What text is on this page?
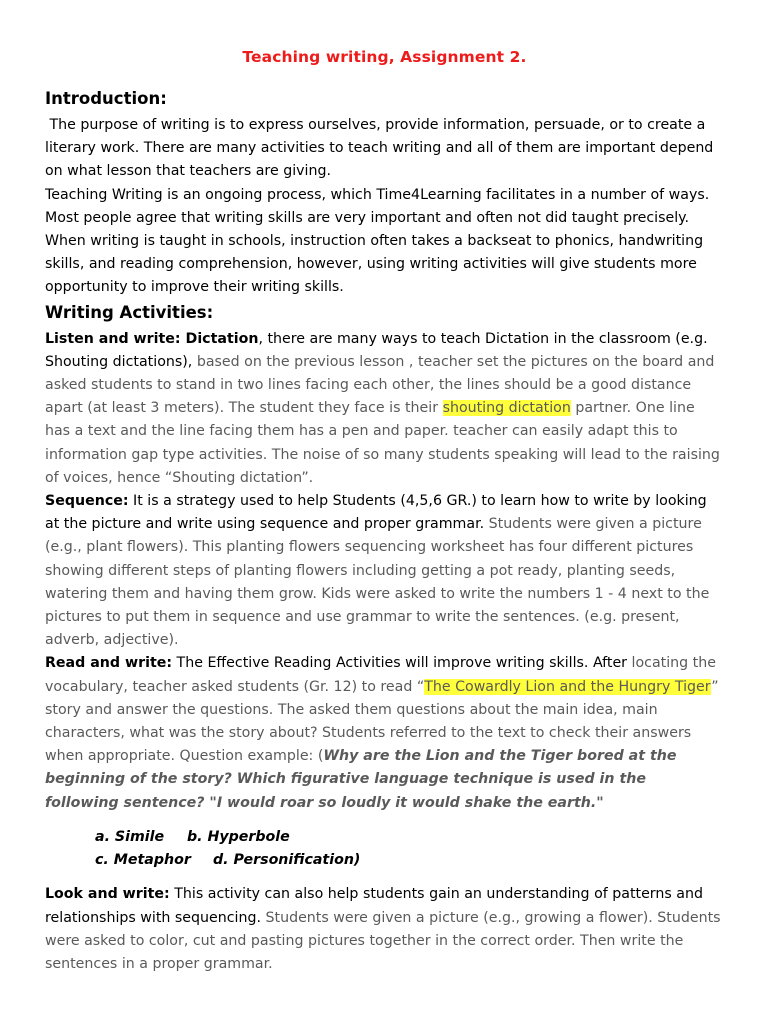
Teaching writing, Assignment 2.
Introduction:

The purpose of writing is to express ourselves, provide information, persuade, or to create a literary work. There are many activities to teach writing and all of them are important depend on what lesson that teachers are giving.

Teaching Writing is an ongoing process, which Time4Learning facilitates in a number of ways. Most people agree that writing skills are very important and often not did taught precisely. When writing is taught in schools, instruction often takes a backseat to phonics, handwriting skills, and reading comprehension, however, using writing activities will give students more opportunity to improve their writing skills.

Writing Activities:

Listen and write: Dictation, there are many ways to teach Dictation in the classroom (e.g. Shouting dictations), based on the previous lesson , teacher set the pictures on the board and asked students to stand in two lines facing each other, the lines should be a good distance apart (at least 3 meters). The student they face is their shouting dictation partner. One line has a text and the line facing them has a pen and paper. teacher can easily adapt this to information gap type activities. The noise of so many students speaking will lead to the raising of voices, hence “Shouting dictation”.

Sequence: It is a strategy used to help Students (4,5,6 GR.) to learn how to write by looking at the picture and write using sequence and proper grammar. Students were given a picture (e.g., plant flowers). This planting flowers sequencing worksheet has four different pictures showing different steps of planting flowers including getting a pot ready, planting seeds, watering them and having them grow. Kids were asked to write the numbers 1 - 4 next to the pictures to put them in sequence and use grammar to write the sentences. (e.g. present, adverb, adjective).

Read and write: The Effective Reading Activities will improve writing skills. After locating the vocabulary, teacher asked students (Gr. 12) to read “The Cowardly Lion and the Hungry Tiger” story and answer the questions. The asked them questions about the main idea, main characters, what was the story about? Students referred to the text to check their answers when appropriate. Question example: (Why are the Lion and the Tiger bored at the beginning of the story? Which figurative language technique is used in the following sentence? "I would roar so loudly it would shake the earth."

a. Simile b. Hyperbole
c. Metaphor d. Personification)

Look and write: This activity can also help students gain an understanding of patterns and relationships with sequencing. Students were given a picture (e.g., growing a flower). Students were asked to color, cut and pasting pictures together in the correct order. Then write the sentences in a proper grammar.
